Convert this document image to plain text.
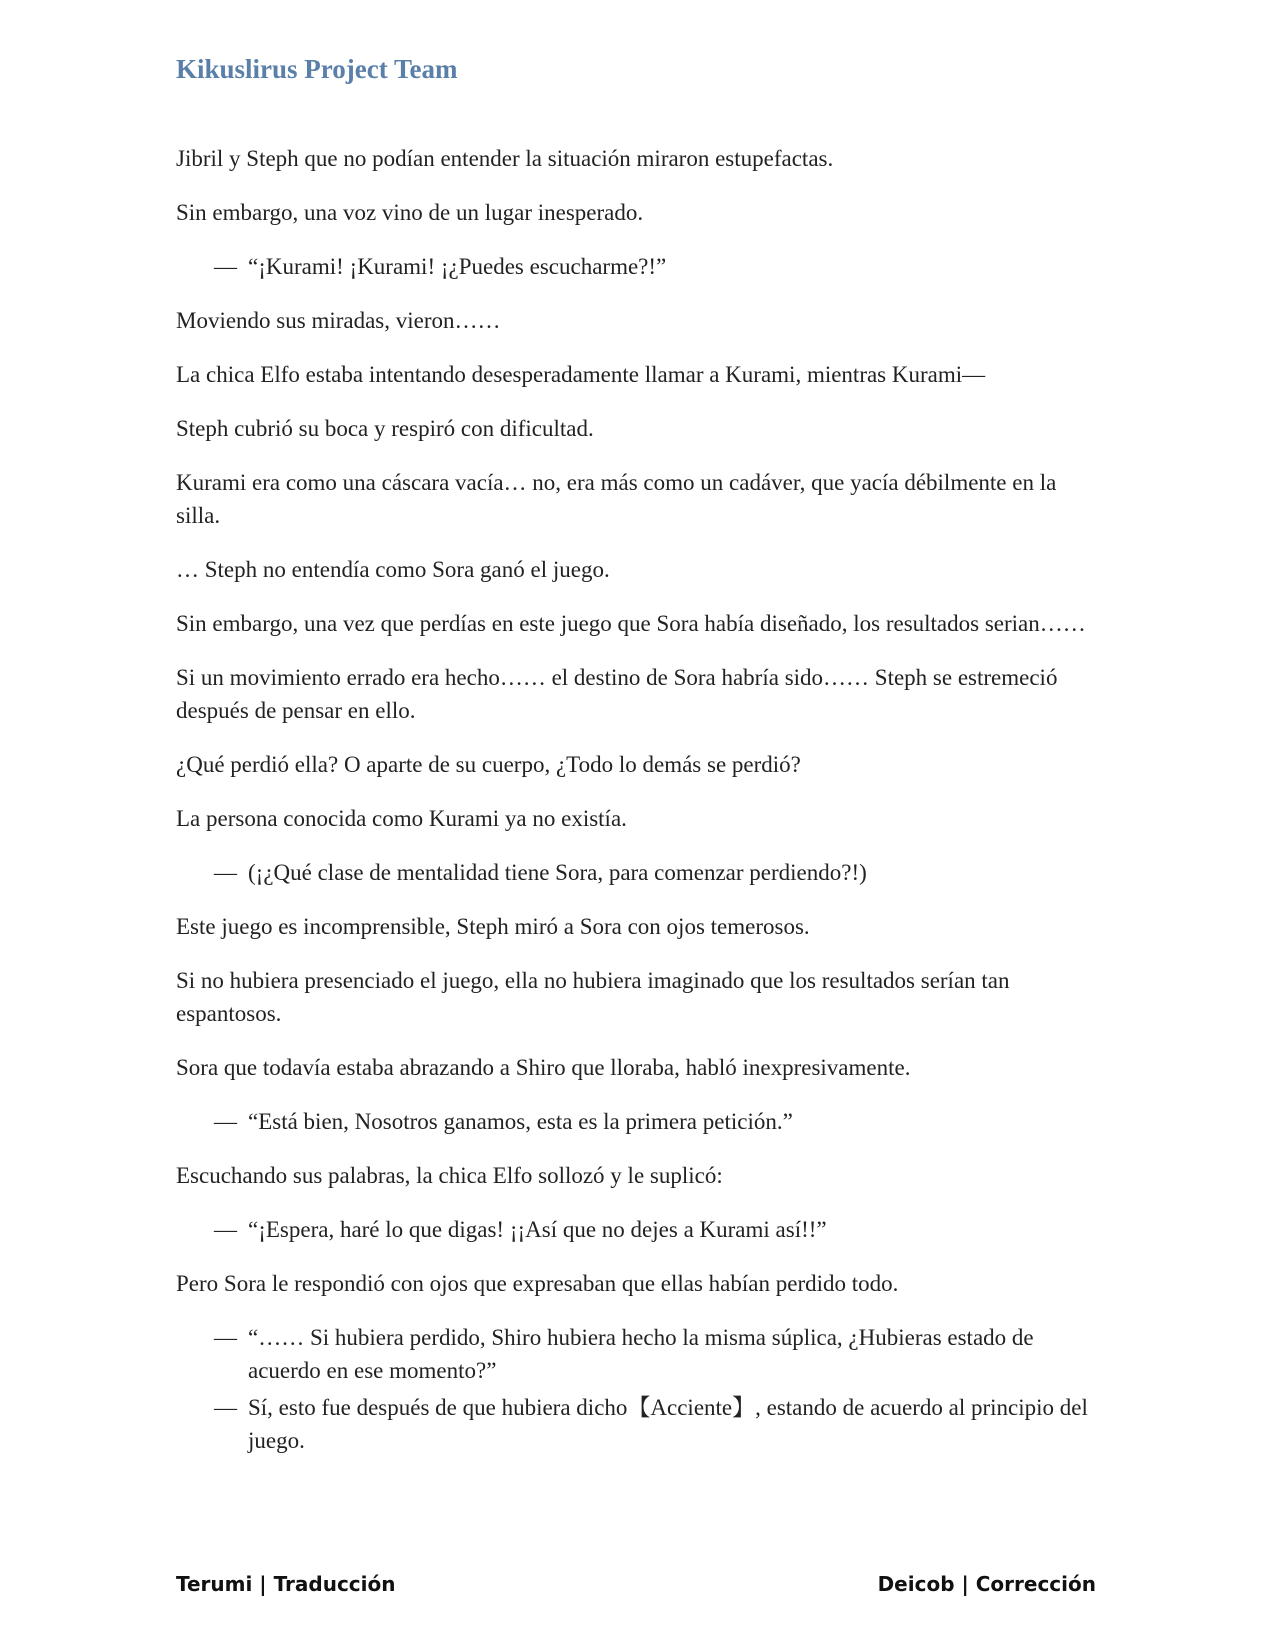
Kikuslirus Project Team

Jibril y Steph que no podían entender la situación miraron estupefactas.

Sin embargo, una voz vino de un lugar inesperado.

— “¡Kurami! ¡Kurami! ¡¿Puedes escucharme?!”

Moviendo sus miradas, vieron……

La chica Elfo estaba intentando desesperadamente llamar a Kurami, mientras Kurami—

Steph cubrió su boca y respiró con dificultad.

Kurami era como una cáscara vacía… no, era más como un cadáver, que yacía débilmente en la silla.

… Steph no entendía como Sora ganó el juego.

Sin embargo, una vez que perdías en este juego que Sora había diseñado, los resultados serian……

Si un movimiento errado era hecho…… el destino de Sora habría sido…… Steph se estremeció después de pensar en ello.

¿Qué perdió ella? O aparte de su cuerpo, ¿Todo lo demás se perdió?

La persona conocida como Kurami ya no existía.

— (¡¿Qué clase de mentalidad tiene Sora, para comenzar perdiendo?!)

Este juego es incomprensible, Steph miró a Sora con ojos temerosos.

Si no hubiera presenciado el juego, ella no hubiera imaginado que los resultados serían tan espantosos.

Sora que todavía estaba abrazando a Shiro que lloraba, habló inexpresivamente.

— “Está bien, Nosotros ganamos, esta es la primera petición.”

Escuchando sus palabras, la chica Elfo sollozó y le suplicó:

— “¡Espera, haré lo que digas! ¡¡Así que no dejes a Kurami así!!”

Pero Sora le respondió con ojos que expresaban que ellas habían perdido todo.

— “…… Si hubiera perdido, Shiro hubiera hecho la misma súplica, ¿Hubieras estado de acuerdo en ese momento?”
— Sí, esto fue después de que hubiera dicho【Acciente】, estando de acuerdo al principio del juego.
Terumi | Traducción	Deicob | Corrección
